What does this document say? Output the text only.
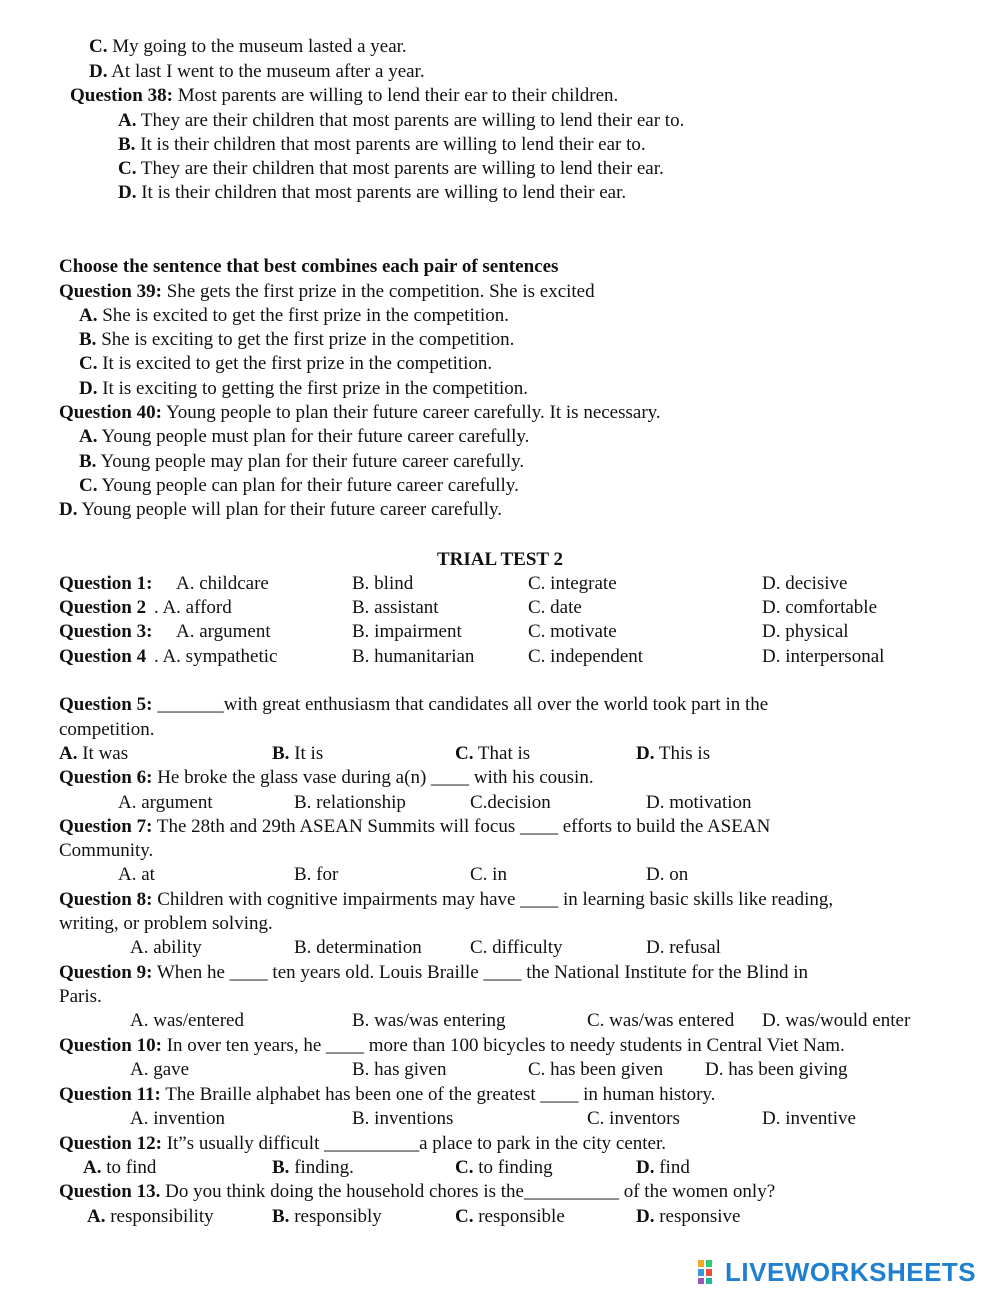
C. My going to the museum lasted a year.
D. At last I went to the museum after a year.
Question 38: Most parents are willing to lend their ear to their children.
A. They are their children that most parents are willing to lend their ear to.
B. It is their children that most parents are willing to lend their ear to.
C. They are their children that most parents are willing to lend their ear.
D. It is their children that most parents are willing to lend their ear.
Choose the sentence that best combines each pair of sentences
Question 39: She gets the first prize in the competition. She is excited
A. She is excited to get the first prize in the competition.
B. She is exciting to get the first prize in the competition.
C. It is excited to get the first prize in the competition.
D. It is exciting to getting the first prize in the competition.
Question 40: Young people to plan their future career carefully. It is necessary.
A. Young people must plan for their future career carefully.
B. Young people may plan for their future career carefully.
C. Young people can plan for their future career carefully.
D. Young people will plan for their future career carefully.
TRIAL TEST 2
Question 1: A. childcare	B. blind	C. integrate	D. decisive
Question 2 . A. afford	B. assistant	C. date	D. comfortable
Question 3: A. argument	B. impairment	C. motivate	D. physical
Question 4 . A. sympathetic	B. humanitarian	C. independent	D. interpersonal
Question 5: _______with great enthusiasm that candidates all over the world took part in the
competition.
A. It was	B. It is	C. That is	D. This is
Question 6: He broke the glass vase during a(n) ____ with his cousin.
A. argument	B. relationship	C.decision	D. motivation
Question 7: The 28th and 29th ASEAN Summits will focus ____ efforts to build the ASEAN
Community.
A. at	B. for	C. in	D. on
Question 8: Children with cognitive impairments may have ____ in learning basic skills like reading,
writing, or problem solving.
A. ability	B. determination	C. difficulty	D. refusal
Question 9: When he ____ ten years old. Louis Braille ____ the National Institute for the Blind in
Paris.
A. was/entered	B. was/was entering	C. was/was entered D. was/would enter
Question 10: In over ten years, he ____ more than 100 bicycles to needy students in Central Viet Nam.
A. gave	B. has given	C. has been given D. has been giving
Question 11: The Braille alphabet has been one of the greatest ____ in human history.
A. invention	B. inventions	C. inventors	D. inventive
Question 12: It”s usually difficult __________a place to park in the city center.
A. to find	B. finding.	C. to finding	D. find
Question 13. Do you think doing the household chores is the__________ of the women only?
A. responsibility	B. responsibly	C. responsible	D. responsive
LIVEWORKSHEETS
